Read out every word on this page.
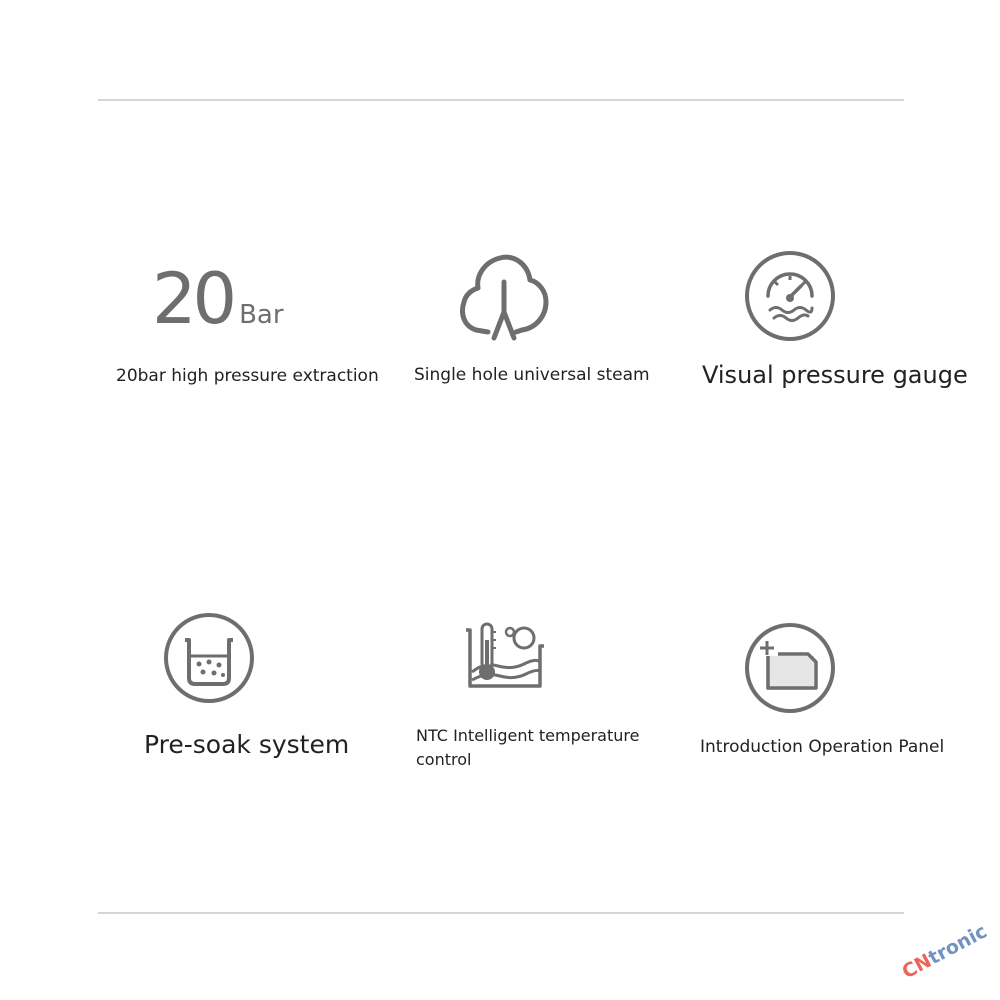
20 Bar
20bar high pressure extraction Single hole universal steam Visual pressure gauge
Pre-soak system	NTC Intelligent temperature control
Introduction Operation Panel
CNtronic
